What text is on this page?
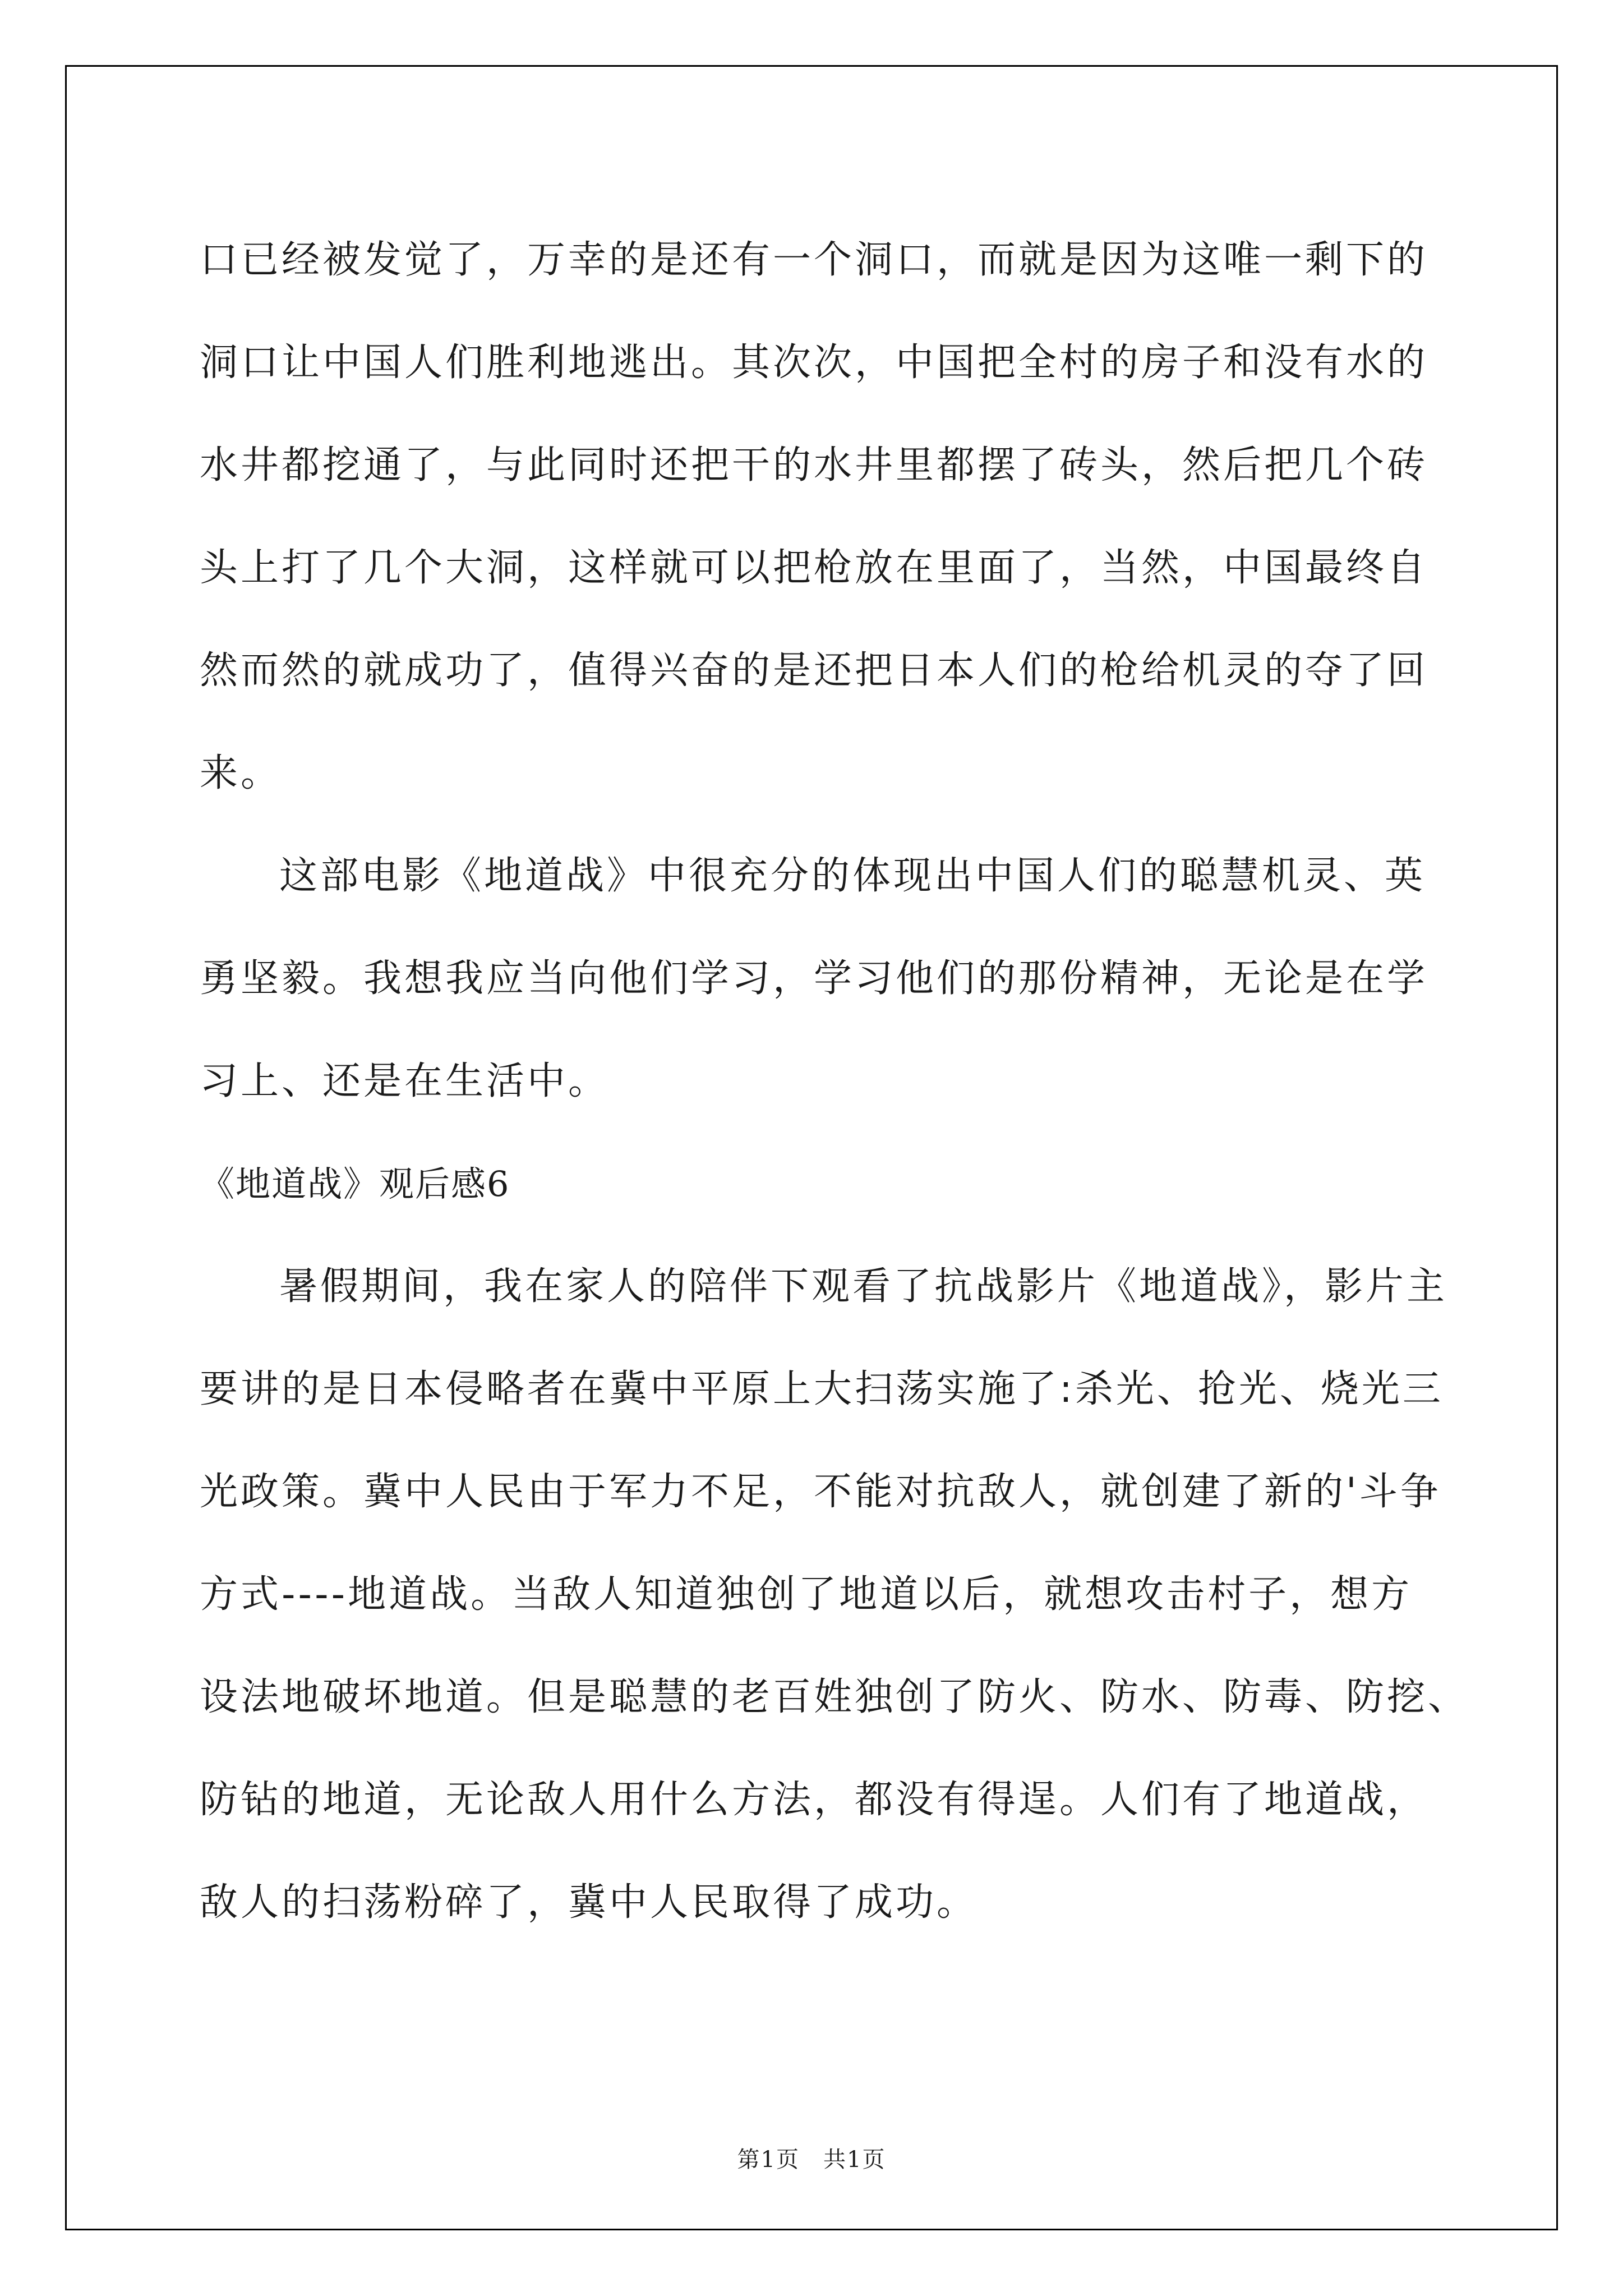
口已经被发觉了，万幸的是还有一个洞口，而就是因为这唯一剩下的
洞口让中国人们胜利地逃出。其次次，中国把全村的房子和没有水的
水井都挖通了，与此同时还把干的水井里都摆了砖头，然后把几个砖
头上打了几个大洞，这样就可以把枪放在里面了，当然，中国最终自
然而然的就成功了，值得兴奋的是还把日本人们的枪给机灵的夺了回
来。
这部电影《地道战》中很充分的体现出中国人们的聪慧机灵、英
勇坚毅。我想我应当向他们学习，学习他们的那份精神，无论是在学
习上、还是在生活中。
《地道战》观后感6
暑假期间，我在家人的陪伴下观看了抗战影片《地道战》，影片主
要讲的是日本侵略者在冀中平原上大扫荡实施了:杀光、抢光、烧光三
光政策。冀中人民由于军力不足，不能对抗敌人，就创建了新的'斗争
方式----地道战。当敌人知道独创了地道以后，就想攻击村子，想方
设法地破坏地道。但是聪慧的老百姓独创了防火、防水、防毒、防挖、
防钻的地道，无论敌人用什么方法，都没有得逞。人们有了地道战，
敌人的扫荡粉碎了，冀中人民取得了成功。
第1页　共1页
